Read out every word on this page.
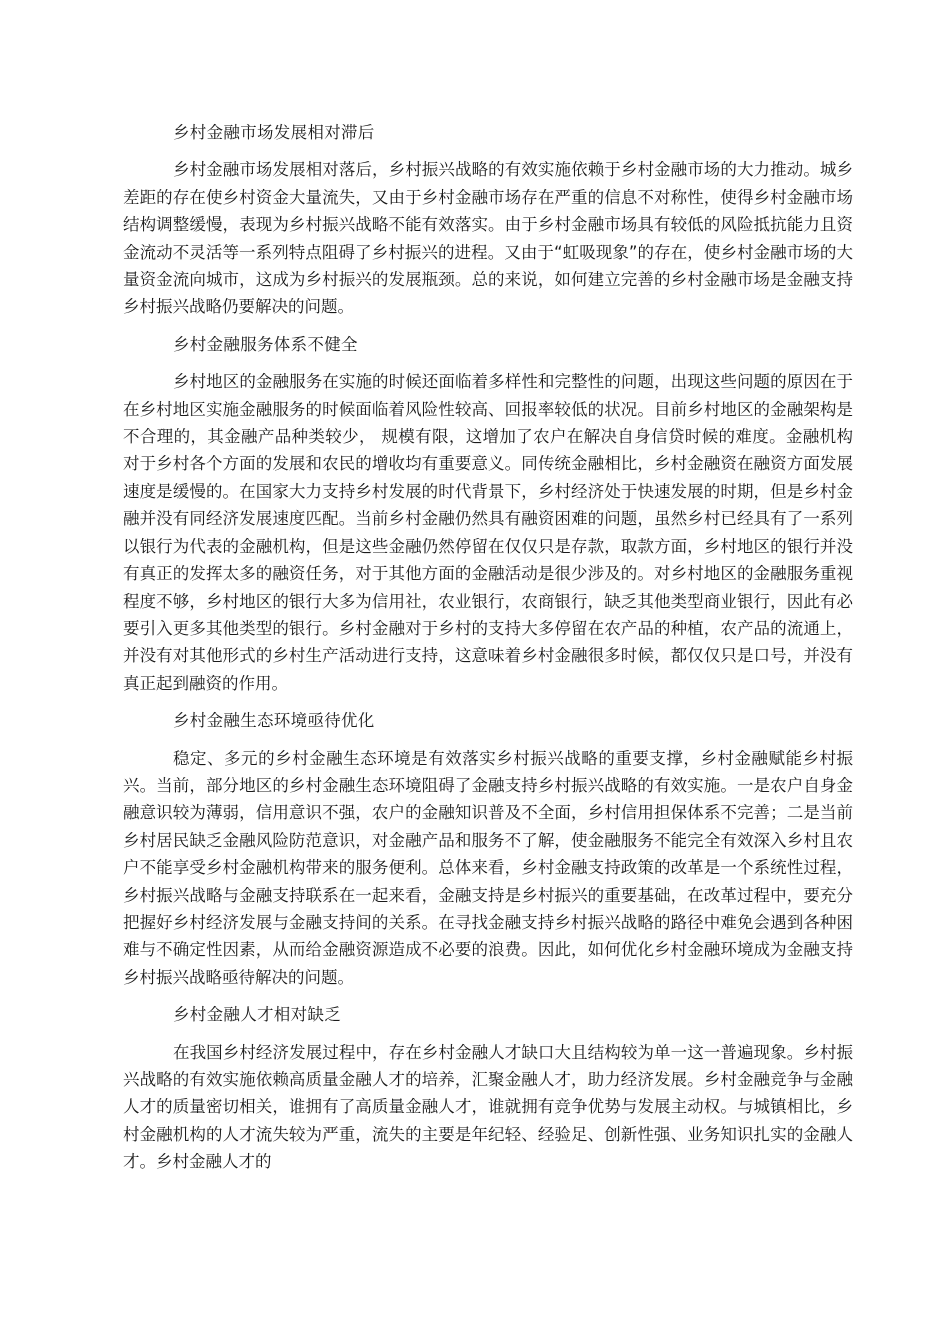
乡村金融市场发展相对滞后

乡村金融市场发展相对落后，乡村振兴战略的有效实施依赖于乡村金融市场的大力推动。城乡差距的存在使乡村资金大量流失，又由于乡村金融市场存在严重的信息不对称性，使得乡村金融市场结构调整缓慢，表现为乡村振兴战略不能有效落实。由于乡村金融市场具有较低的风险抵抗能力且资金流动不灵活等一系列特点阻碍了乡村振兴的进程。又由于“虹吸现象”的存在，使乡村金融市场的大量资金流向城市，这成为乡村振兴的发展瓶颈。总的来说，如何建立完善的乡村金融市场是金融支持乡村振兴战略仍要解决的问题。

乡村金融服务体系不健全

乡村地区的金融服务在实施的时候还面临着多样性和完整性的问题，出现这些问题的原因在于在乡村地区实施金融服务的时候面临着风险性较高、回报率较低的状况。目前乡村地区的金融架构是不合理的，其金融产品种类较少， 规模有限，这增加了农户在解决自身信贷时候的难度。金融机构对于乡村各个方面的发展和农民的增收均有重要意义。同传统金融相比，乡村金融资在融资方面发展速度是缓慢的。在国家大力支持乡村发展的时代背景下，乡村经济处于快速发展的时期，但是乡村金融并没有同经济发展速度匹配。当前乡村金融仍然具有融资困难的问题，虽然乡村已经具有了一系列以银行为代表的金融机构，但是这些金融仍然停留在仅仅只是存款，取款方面，乡村地区的银行并没有真正的发挥太多的融资任务，对于其他方面的金融活动是很少涉及的。对乡村地区的金融服务重视程度不够，乡村地区的银行大多为信用社，农业银行，农商银行，缺乏其他类型商业银行，因此有必要引入更多其他类型的银行。乡村金融对于乡村的支持大多停留在农产品的种植，农产品的流通上，并没有对其他形式的乡村生产活动进行支持，这意味着乡村金融很多时候，都仅仅只是口号，并没有真正起到融资的作用。

乡村金融生态环境亟待优化

稳定、多元的乡村金融生态环境是有效落实乡村振兴战略的重要支撑，乡村金融赋能乡村振兴。当前，部分地区的乡村金融生态环境阻碍了金融支持乡村振兴战略的有效实施。一是农户自身金融意识较为薄弱，信用意识不强，农户的金融知识普及不全面，乡村信用担保体系不完善；二是当前乡村居民缺乏金融风险防范意识，对金融产品和服务不了解，使金融服务不能完全有效深入乡村且农户不能享受乡村金融机构带来的服务便利。总体来看，乡村金融支持政策的改革是一个系统性过程，乡村振兴战略与金融支持联系在一起来看，金融支持是乡村振兴的重要基础，在改革过程中，要充分把握好乡村经济发展与金融支持间的关系。在寻找金融支持乡村振兴战略的路径中难免会遇到各种困难与不确定性因素，从而给金融资源造成不必要的浪费。因此，如何优化乡村金融环境成为金融支持乡村振兴战略亟待解决的问题。

乡村金融人才相对缺乏

在我国乡村经济发展过程中，存在乡村金融人才缺口大且结构较为单一这一普遍现象。乡村振兴战略的有效实施依赖高质量金融人才的培养，汇聚金融人才，助力经济发展。乡村金融竞争与金融人才的质量密切相关，谁拥有了高质量金融人才，谁就拥有竞争优势与发展主动权。与城镇相比，乡村金融机构的人才流失较为严重，流失的主要是年纪轻、经验足、创新性强、业务知识扎实的金融人才。乡村金融人才的
